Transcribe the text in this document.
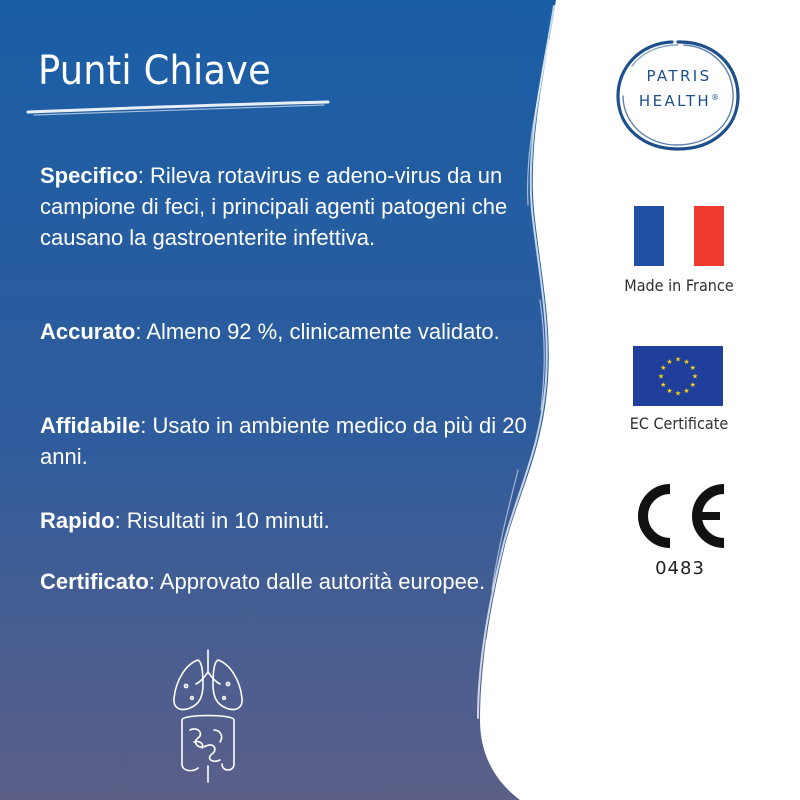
Punti Chiave

Specifico: Rileva rotavirus e adeno-virus da un campione di feci, i principali agenti patogeni che causano la gastroenterite infettiva.

Accurato: Almeno 92 %, clinicamente validato.

Affidabile: Usato in ambiente medico da più di 20 anni.

Rapido: Risultati in 10 minuti.

Certificato: Approvato dalle autorità europee.

PATRIS
HEALTH®
Made in France
★ ★
★
★
★
★
★
★
★
★
★
★
EC Certificate
0483
